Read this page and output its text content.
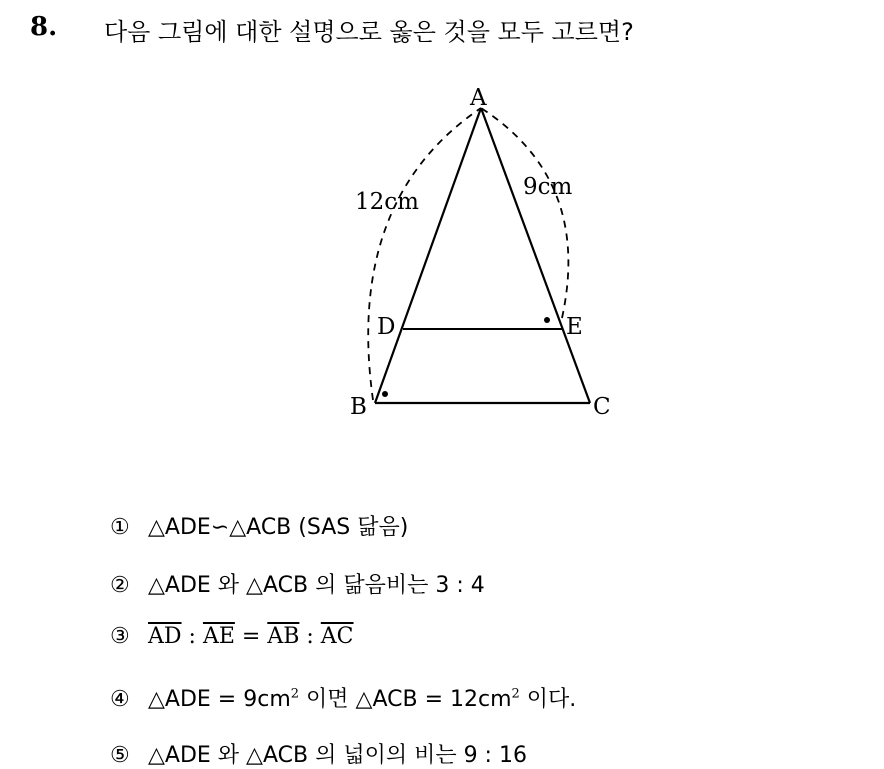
8. 다음 그림에 대한 설명으로 옳은 것을 모두 고르면?
A
B	C
D	E
12cm
9cm
① △ADE∽△ACB (SAS 닮음)
② △ADE 와 △ACB 의 닮음비는 3 : 4
③ $\overline{AD}$ : $\overline{AE} = \overline{AB}$ : $\overline{AC}$
④ △ADE = $9cm^2$ 이면 △ACB = $12cm^2$ 이다.
⑤ △ADE 와 △ACB 의 넓이의 비는 9 : 16
